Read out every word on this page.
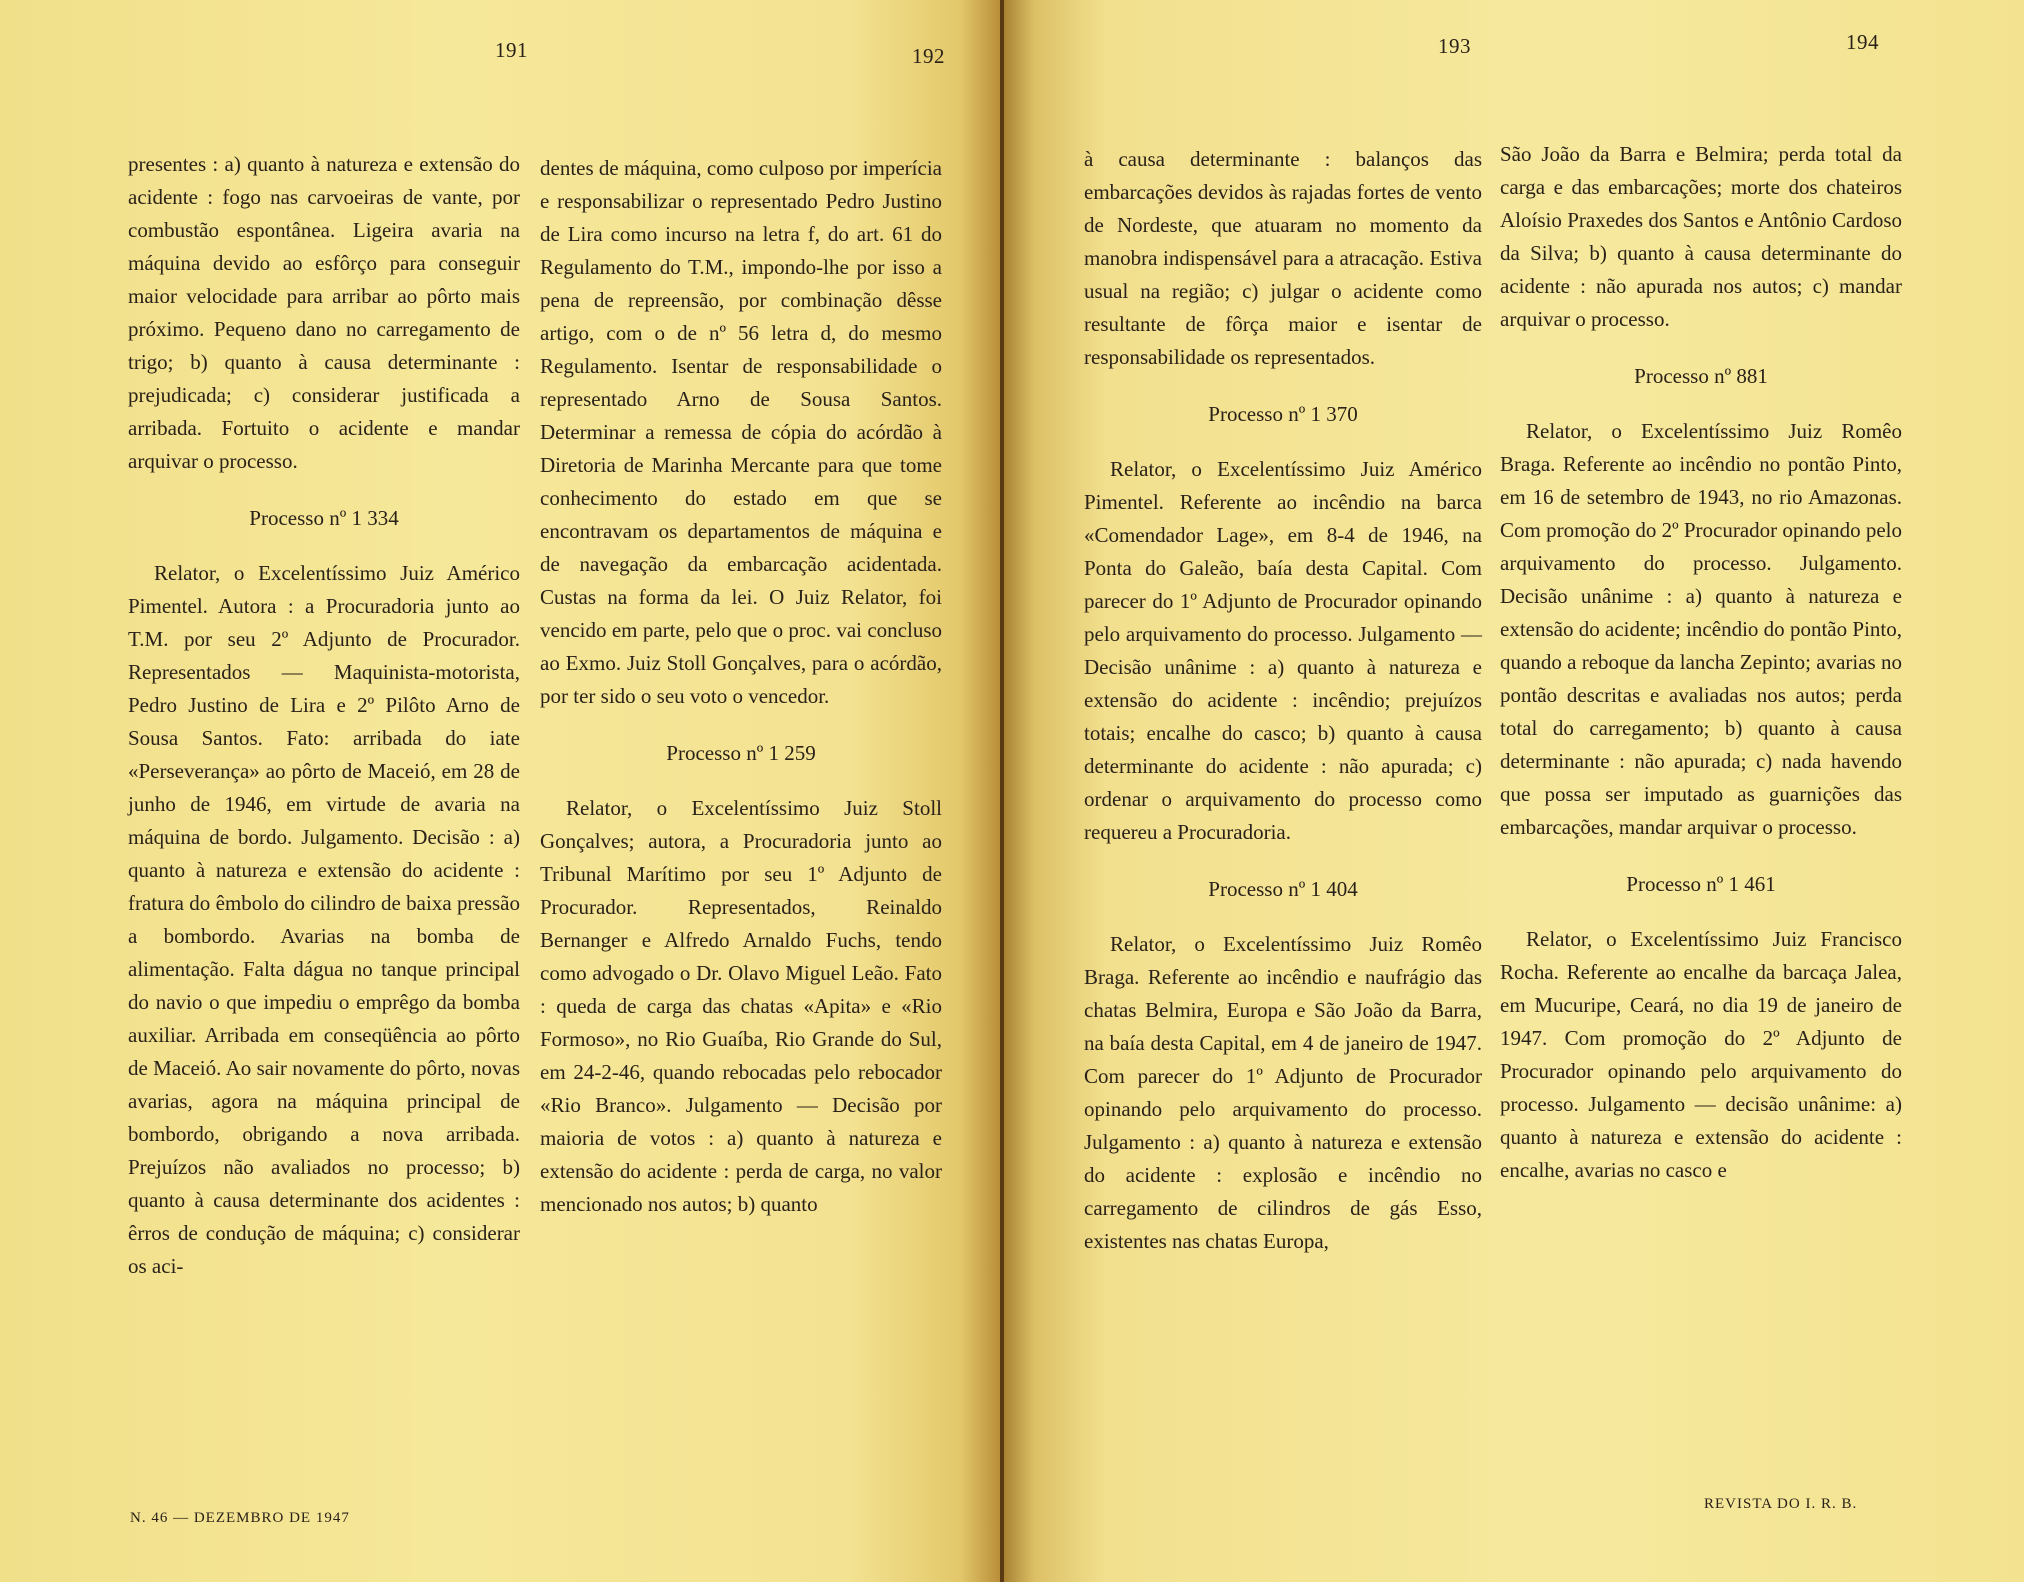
191	192

presentes : a) quanto à natureza e extensão do acidente : fogo nas carvoeiras de vante, por combustão espontânea. Ligeira avaria na máquina devido ao esfôrço para conseguir maior velocidade para arribar ao pôrto mais próximo. Pequeno dano no carregamento de trigo; b) quanto à causa determinante : prejudicada; c) considerar justificada a arribada. Fortuito o acidente e mandar arquivar o processo.

Processo nº 1 334

Relator, o Excelentíssimo Juiz Américo Pimentel. Autora : a Procuradoria junto ao T.M. por seu 2º Adjunto de Procurador. Representados — Maquinista-motorista, Pedro Justino de Lira e 2º Pilôto Arno de Sousa Santos. Fato: arribada do iate «Perseverança» ao pôrto de Maceió, em 28 de junho de 1946, em virtude de avaria na máquina de bordo. Julgamento. Decisão : a) quanto à natureza e extensão do acidente : fratura do êmbolo do cilindro de baixa pressão a bombordo. Avarias na bomba de alimentação. Falta dágua no tanque principal do navio o que impediu o emprêgo da bomba auxiliar. Arribada em conseqüência ao pôrto de Maceió. Ao sair novamente do pôrto, novas avarias, agora na máquina principal de bombordo, obrigando a nova arribada. Prejuízos não avaliados no processo; b) quanto à causa determinante dos acidentes : êrros de condução de máquina; c) considerar os aci-

dentes de máquina, como culposo por imperícia e responsabilizar o representado Pedro Justino de Lira como incurso na letra f, do art. 61 do Regulamento do T.M., impondo-lhe por isso a pena de repreensão, por combinação dêsse artigo, com o de nº 56 letra d, do mesmo Regulamento. Isentar de responsabilidade o representado Arno de Sousa Santos. Determinar a remessa de cópia do acórdão à Diretoria de Marinha Mercante para que tome conhecimento do estado em que se encontravam os departamentos de máquina e de navegação da embarcação acidentada. Custas na forma da lei. O Juiz Relator, foi vencido em parte, pelo que o proc. vai concluso ao Exmo. Juiz Stoll Gonçalves, para o acórdão, por ter sido o seu voto o vencedor.

Processo nº 1 259

Relator, o Excelentíssimo Juiz Stoll Gonçalves; autora, a Procuradoria junto ao Tribunal Marítimo por seu 1º Adjunto de Procurador. Representados, Reinaldo Bernanger e Alfredo Arnaldo Fuchs, tendo como advogado o Dr. Olavo Miguel Leão. Fato : queda de carga das chatas «Apita» e «Rio Formoso», no Rio Guaíba, Rio Grande do Sul, em 24-2-46, quando rebocadas pelo rebocador «Rio Branco». Julgamento — Decisão por maioria de votos : a) quanto à natureza e extensão do acidente : perda de carga, no valor mencionado nos autos; b) quanto

N. 46 — DEZEMBRO DE 1947
193	194

à causa determinante : balanços das embarcações devidos às rajadas fortes de vento de Nordeste, que atuaram no momento da manobra indispensável para a atracação. Estiva usual na região; c) julgar o acidente como resultante de fôrça maior e isentar de responsabilidade os representados.

Processo nº 1 370

Relator, o Excelentíssimo Juiz Américo Pimentel. Referente ao incêndio na barca «Comendador Lage», em 8-4 de 1946, na Ponta do Galeão, baía desta Capital. Com parecer do 1º Adjunto de Procurador opinando pelo arquivamento do processo. Julgamento — Decisão unânime : a) quanto à natureza e extensão do acidente : incêndio; prejuízos totais; encalhe do casco; b) quanto à causa determinante do acidente : não apurada; c) ordenar o arquivamento do processo como requereu a Procuradoria.

Processo nº 1 404

Relator, o Excelentíssimo Juiz Romêo Braga. Referente ao incêndio e naufrágio das chatas Belmira, Europa e São João da Barra, na baía desta Capital, em 4 de janeiro de 1947. Com parecer do 1º Adjunto de Procurador opinando pelo arquivamento do processo. Julgamento : a) quanto à natureza e extensão do acidente : explosão e incêndio no carregamento de cilindros de gás Esso, existentes nas chatas Europa,

São João da Barra e Belmira; perda total da carga e das embarcações; morte dos chateiros Aloísio Praxedes dos Santos e Antônio Cardoso da Silva; b) quanto à causa determinante do acidente : não apurada nos autos; c) mandar arquivar o processo.

Processo nº 881

Relator, o Excelentíssimo Juiz Romêo Braga. Referente ao incêndio no pontão Pinto, em 16 de setembro de 1943, no rio Amazonas. Com promoção do 2º Procurador opinando pelo arquivamento do processo. Julgamento. Decisão unânime : a) quanto à natureza e extensão do acidente; incêndio do pontão Pinto, quando a reboque da lancha Zepinto; avarias no pontão descritas e avaliadas nos autos; perda total do carregamento; b) quanto à causa determinante : não apurada; c) nada havendo que possa ser imputado as guarnições das embarcações, mandar arquivar o processo.

Processo nº 1 461

Relator, o Excelentíssimo Juiz Francisco Rocha. Referente ao encalhe da barcaça Jalea, em Mucuripe, Ceará, no dia 19 de janeiro de 1947. Com promoção do 2º Adjunto de Procurador opinando pelo arquivamento do processo. Julgamento — decisão unânime: a) quanto à natureza e extensão do acidente : encalhe, avarias no casco e

REVISTA DO I. R. B.
